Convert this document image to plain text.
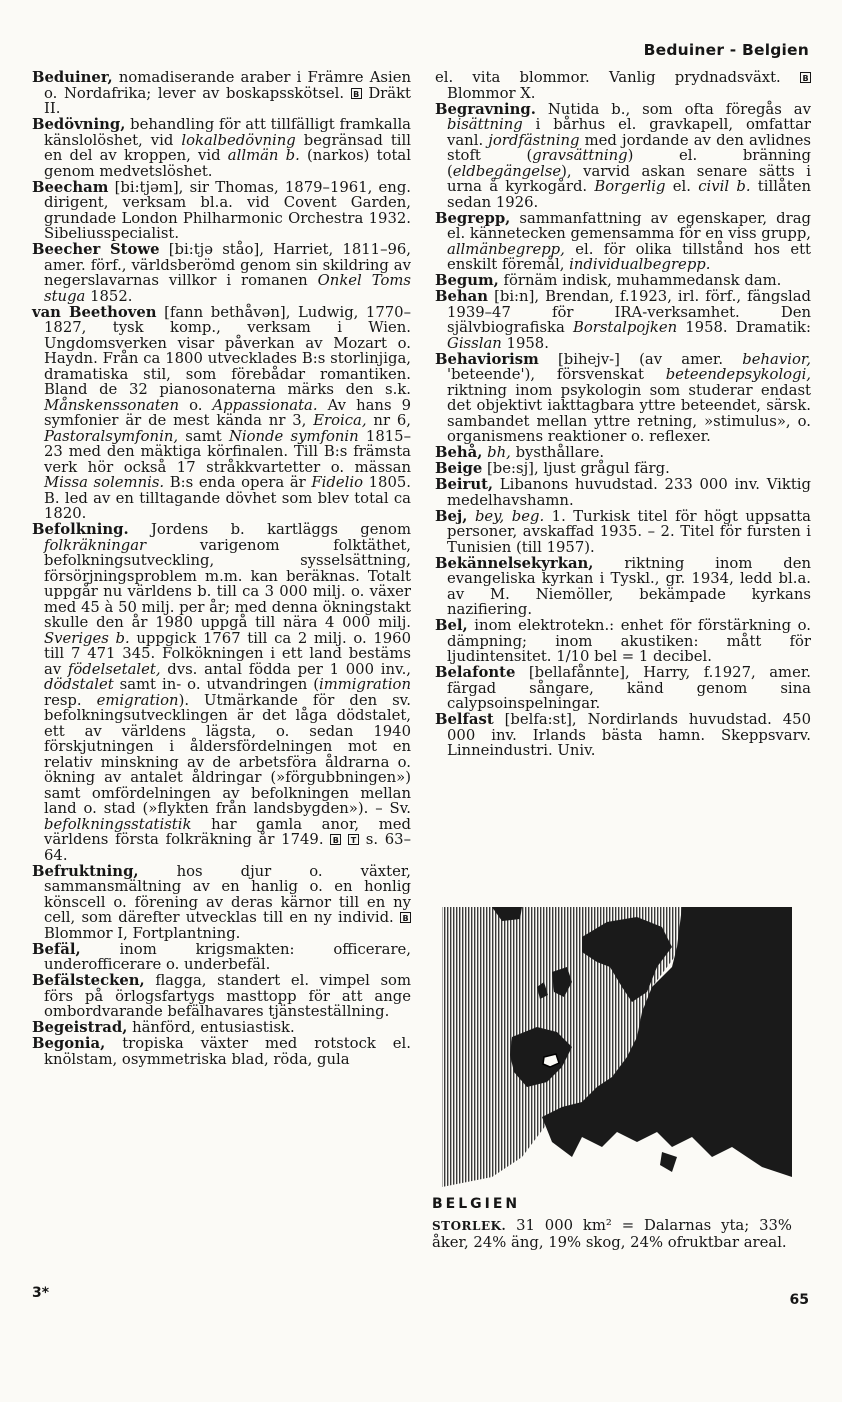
Beduiner - Belgien

Beduiner, nomadiserande araber i Främre Asien o. Nordafrika; lever av boskapsskötsel. B Dräkt II.

Bedövning, behandling för att tillfälligt framkalla känslolöshet, vid lokalbedövning begränsad till en del av kroppen, vid allmän b. (narkos) total genom medvetslöshet.

Beecham [bi:tjəm], sir Thomas, 1879–1961, eng. dirigent, verksam bl.a. vid Covent Garden, grundade London Philharmonic Orchestra 1932. Sibeliusspecialist.

Beecher Stowe [bi:tjə ståo], Harriet, 1811–96, amer. förf., världsberömd genom sin skildring av negerslavarnas villkor i romanen Onkel Toms stuga 1852.

van Beethoven [fann bethåvən], Ludwig, 1770–1827, tysk komp., verksam i Wien. Ungdomsverken visar påverkan av Mozart o. Haydn. Från ca 1800 utvecklades B:s storlinjiga, dramatiska stil, som förebådar romantiken. Bland de 32 pianosonaterna märks den s.k. Månskenssonaten o. Appassionata. Av hans 9 symfonier är de mest kända nr 3, Eroica, nr 6, Pastoralsymfonin, samt Nionde symfonin 1815–23 med den mäktiga körfinalen. Till B:s främsta verk hör också 17 stråkkvartetter o. mässan Missa solemnis. B:s enda opera är Fidelio 1805. B. led av en tilltagande dövhet som blev total ca 1820.

Befolkning. Jordens b. kartläggs genom folkräkningar varigenom folktäthet, befolkningsutveckling, sysselsättning, försörjningsproblem m.m. kan beräknas. Totalt uppgår nu världens b. till ca 3 000 milj. o. växer med 45 à 50 milj. per år; med denna ökningstakt skulle den år 1980 uppgå till nära 4 000 milj. Sveriges b. uppgick 1767 till ca 2 milj. o. 1960 till 7 471 345. Folkökningen i ett land bestäms av födelsetalet, dvs. antal födda per 1 000 inv., dödstalet samt in- o. utvandringen (immigration resp. emigration). Utmärkande för den sv. befolkningsutvecklingen är det låga dödstalet, ett av världens lägsta, o. sedan 1940 förskjutningen i åldersfördelningen mot en relativ minskning av de arbetsföra åldrarna o. ökning av antalet åldringar (»förgubbningen») samt omfördelningen av befolkningen mellan land o. stad (»flykten från landsbygden»). – Sv. befolkningsstatistik har gamla anor, med världens första folkräkning år 1749. B T s. 63–64.

Befruktning, hos djur o. växter, sammansmältning av en hanlig o. en honlig könscell o. förening av deras kärnor till en ny cell, som därefter utvecklas till en ny individ. B Blommor I, Fortplantning.

Befäl, inom krigsmakten: officerare, underofficerare o. underbefäl.

Befälstecken, flagga, standert el. vimpel som förs på örlogsfartygs masttopp för att ange ombordvarande befälhavares tjänsteställning.

Begeistrad, hänförd, entusiastisk.

Begonia, tropiska växter med rotstock el. knölstam, osymmetriska blad, röda, gula

el. vita blommor. Vanlig prydnadsväxt.	B Blommor X.

Begravning. Nutida b., som ofta föregås av bisättning i bårhus el. gravkapell, omfattar vanl. jordfästning med jordande av den avlidnes stoft (gravsättning) el. bränning (eldbegängelse), varvid askan senare sätts i urna å kyrkogård. Borgerlig el. civil b. tillåten sedan 1926.

Begrepp, sammanfattning av egenskaper, drag el. kännetecken gemensamma för en viss grupp, allmänbegrepp, el. för olika tillstånd hos ett enskilt föremål, individualbegrepp.

Begum, förnäm indisk, muhammedansk dam.

Behan [bi:n], Brendan, f.1923, irl. förf., fängslad 1939–47 för IRA-verksamhet. Den självbiografiska Borstalpojken 1958. Dramatik: Gisslan 1958.

Behaviorism [bihejv-] (av amer. behavior, 'beteende'), försvenskat beteendepsykologi, riktning inom psykologin som studerar endast det objektivt iakttagbara yttre beteendet, särsk. sambandet mellan yttre retning, »stimulus», o. organismens reaktioner o. reflexer.

Behå, bh, bysthållare.

Beige [be:sj], ljust grågul färg.

Beirut, Libanons huvudstad. 233 000 inv. Viktig medelhavshamn.

Bej, bey, beg. 1. Turkisk titel för högt uppsatta personer, avskaffad 1935. – 2. Titel för fursten i Tunisien (till 1957).

Bekännelsekyrkan, riktning inom den evangeliska kyrkan i Tyskl., gr. 1934, ledd bl.a. av M. Niemöller, bekämpade kyrkans nazifiering.

Bel, inom elektrotekn.: enhet för förstärkning o. dämpning; inom akustiken: mått för ljudintensitet. 1/10 bel = 1 decibel.

Belafonte [bellafånnte], Harry, f.1927, amer. färgad sångare, känd genom sina calypsoinspelningar.

Belfast [belfa:st], Nordirlands huvudstad. 450 000 inv. Irlands bästa hamn. Skeppsvarv. Linneindustri. Univ.

BELGIEN
STORLEK. 31 000 km² = Dalarnas yta; 33% åker, 24% äng, 19% skog, 24% ofruktbar areal.
3*	65
